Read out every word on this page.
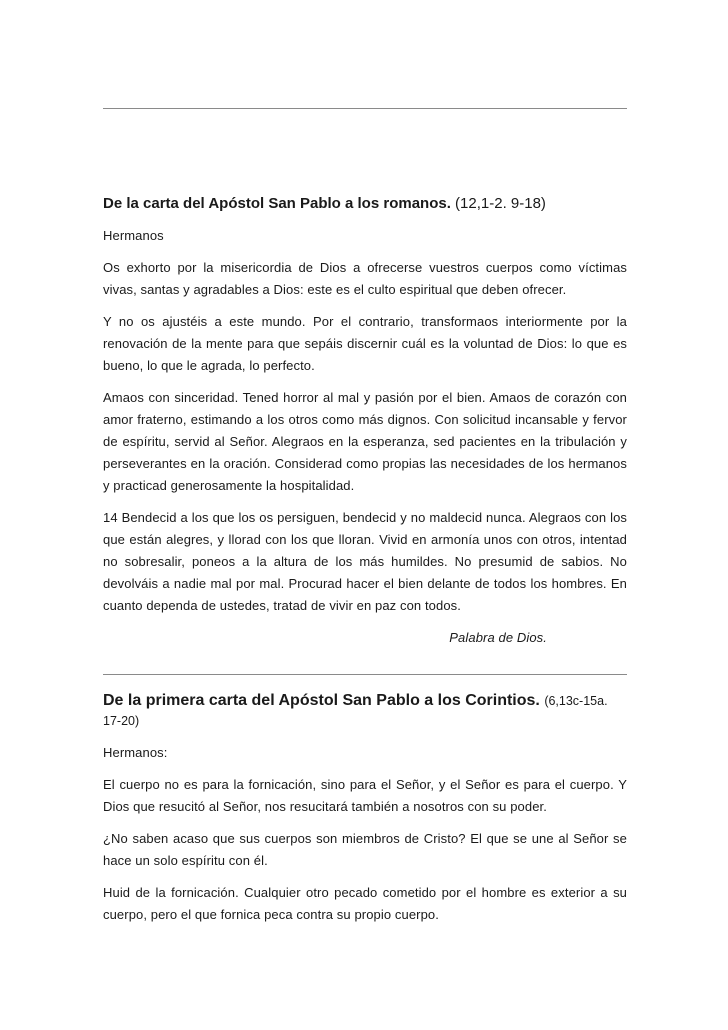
De la carta del Apóstol San Pablo a los romanos. (12,1-2. 9-18)

Hermanos

Os exhorto por la misericordia de Dios a ofrecerse vuestros cuerpos como víctimas vivas, santas y agradables a Dios: este es el culto espiritual que deben ofrecer.

Y no os ajustéis a este mundo. Por el contrario, transformaos interiormente por la renovación de la mente para que sepáis discernir cuál es la voluntad de Dios: lo que es bueno, lo que le agrada, lo perfecto.

Amaos con sinceridad. Tened horror al mal y pasión por el bien. Amaos de corazón con amor fraterno, estimando a los otros como más dignos. Con solicitud incansable y fervor de espíritu, servid al Señor. Alegraos en la esperanza, sed pacientes en la tribulación y perseverantes en la oración. Considerad como propias las necesidades de los hermanos y practicad generosamente la hospitalidad.

14 Bendecid a los que los os persiguen, bendecid y no maldecid nunca. Alegraos con los que están alegres, y llorad con los que lloran. Vivid en armonía unos con otros, intentad no sobresalir, poneos a la altura de los más humildes. No presumid de sabios. No devolváis a nadie mal por mal. Procurad hacer el bien delante de todos los hombres. En cuanto dependa de ustedes, tratad de vivir en paz con todos.

Palabra de Dios.

De la primera carta del Apóstol San Pablo a los Corintios. (6,13c-15a. 17-20)

Hermanos:

El cuerpo no es para la fornicación, sino para el Señor, y el Señor es para el cuerpo. Y Dios que resucitó al Señor, nos resucitará también a nosotros con su poder.

¿No saben acaso que sus cuerpos son miembros de Cristo? El que se une al Señor se hace un solo espíritu con él.

Huid de la fornicación. Cualquier otro pecado cometido por el hombre es exterior a su cuerpo, pero el que fornica peca contra su propio cuerpo.
